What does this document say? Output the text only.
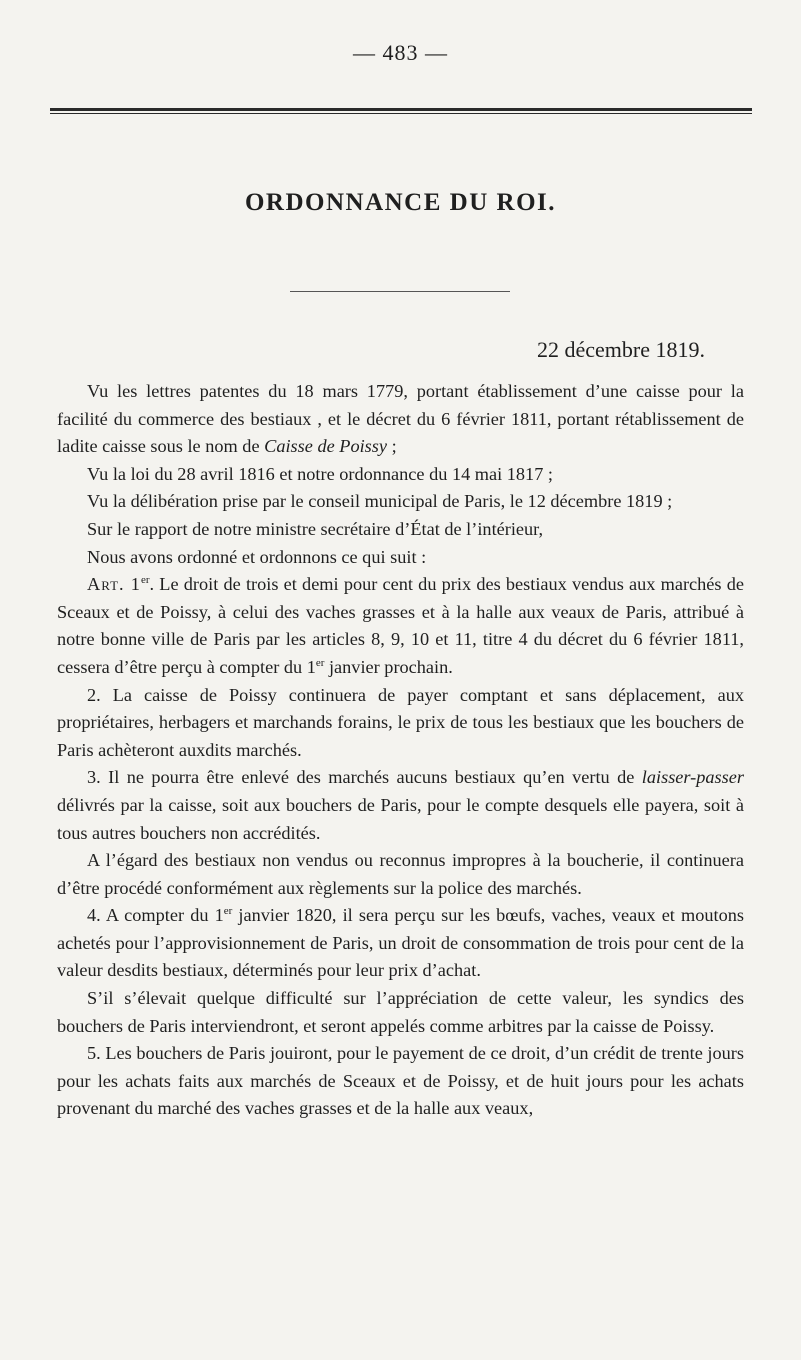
— 483 —
ORDONNANCE DU ROI.
22 décembre 1819.

Vu les lettres patentes du 18 mars 1779, portant établissement d’une caisse pour la facilité du commerce des bestiaux , et le décret du 6 février 1811, portant rétablissement de ladite caisse sous le nom de Caisse de Poissy ;

Vu la loi du 28 avril 1816 et notre ordonnance du 14 mai 1817 ;

Vu la délibération prise par le conseil municipal de Paris, le 12 décembre 1819 ;

Sur le rapport de notre ministre secrétaire d’État de l’intérieur,

Nous avons ordonné et ordonnons ce qui suit :

Art. 1er. Le droit de trois et demi pour cent du prix des bestiaux vendus aux marchés de Sceaux et de Poissy, à celui des vaches grasses et à la halle aux veaux de Paris, attribué à notre bonne ville de Paris par les articles 8, 9, 10 et 11, titre 4 du décret du 6 février 1811, cessera d’être perçu à compter du 1er janvier prochain.

2. La caisse de Poissy continuera de payer comptant et sans déplacement, aux propriétaires, herbagers et marchands forains, le prix de tous les bestiaux que les bouchers de Paris achèteront auxdits marchés.

3. Il ne pourra être enlevé des marchés aucuns bestiaux qu’en vertu de laisser-passer délivrés par la caisse, soit aux bouchers de Paris, pour le compte desquels elle payera, soit à tous autres bouchers non accrédités.

A l’égard des bestiaux non vendus ou reconnus impropres à la boucherie, il continuera d’être procédé conformément aux règlements sur la police des marchés.

4. A compter du 1er janvier 1820, il sera perçu sur les bœufs, vaches, veaux et moutons achetés pour l’approvisionnement de Paris, un droit de consommation de trois pour cent de la valeur desdits bestiaux, déterminés pour leur prix d’achat.

S’il s’élevait quelque difficulté sur l’appréciation de cette valeur, les syndics des bouchers de Paris interviendront, et seront appelés comme arbitres par la caisse de Poissy.

5. Les bouchers de Paris jouiront, pour le payement de ce droit, d’un crédit de trente jours pour les achats faits aux marchés de Sceaux et de Poissy, et de huit jours pour les achats provenant du marché des vaches grasses et de la halle aux veaux,
